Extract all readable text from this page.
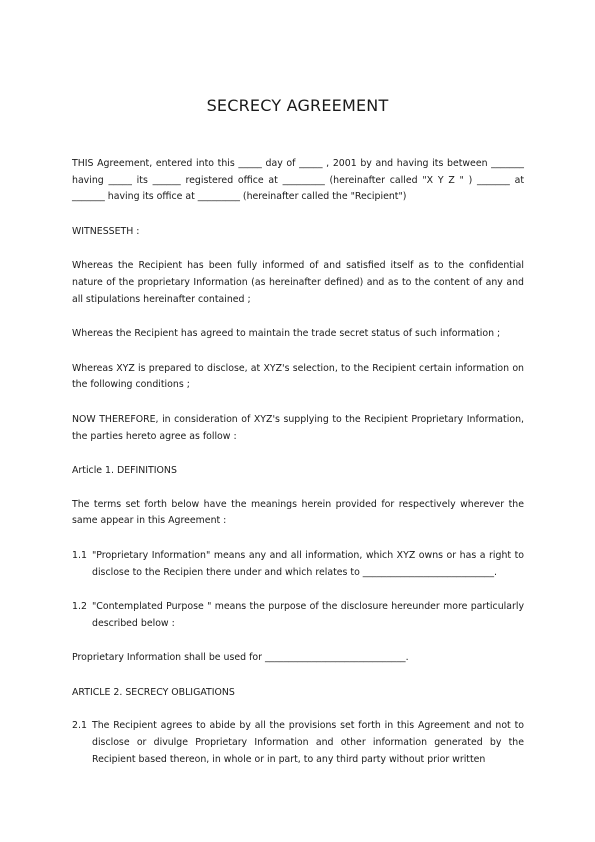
SECRECY AGREEMENT

THIS Agreement, entered into this _____ day of _____ , 2001 by and having its between _______ having _____ its ______ registered office at _________ (hereinafter called "X Y Z " ) _______ at _______ having its office at _________ (hereinafter called the "Recipient")

WITNESSETH :

Whereas the Recipient has been fully informed of and satisfied itself as to the confidential nature of the proprietary Information (as hereinafter defined) and as to the content of any and all stipulations hereinafter contained ;

Whereas the Recipient has agreed to maintain the trade secret status of such information ;

Whereas XYZ is prepared to disclose, at XYZ's selection, to the Recipient certain information on the following conditions ;

NOW THEREFORE, in consideration of XYZ's supplying to the Recipient Proprietary Information, the parties hereto agree as follow :

Article 1. DEFINITIONS

The terms set forth below have the meanings herein provided for respectively wherever the same appear in this Agreement :

1.1 "Proprietary Information" means any and all information, which XYZ owns or has a right to disclose to the Recipien there under and which relates to ____________________________.
1.2 "Contemplated Purpose " means the purpose of the disclosure hereunder more particularly described below :

Proprietary Information shall be used for ______________________________.

ARTICLE 2. SECRECY OBLIGATIONS

2.1 The Recipient agrees to abide by all the provisions set forth in this Agreement and not to disclose or divulge Proprietary Information and other information generated by the Recipient based thereon, in whole or in part, to any third party without prior written
